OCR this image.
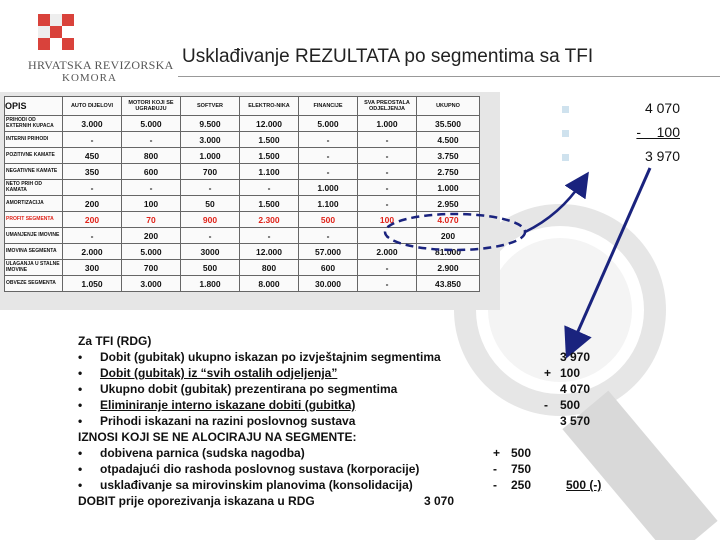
HRVATSKA REVIZORSKA
KOMORA
Usklađivanje REZULTATA po segmentima sa TFI
OPIS	AUTO DIJELOVI	MOTORI KOJI SE UGRAĐUJU	SOFTVER	ELEKTRO-NIKA	FINANCIJE	SVA PREOSTALA ODJELJENJA	UKUPNO
PRIHODI OD EXTERNIH KUPACA	3.000	5.000	9.500	12.000	5.000	1.000	35.500
INTERNI PRIHODI	-	-	3.000	1.500	-	-	4.500
POZITIVNE KAMATE	450	800	1.000	1.500	-	-	3.750
NEGATIVNE KAMATE	350	600	700	1.100	-	-	2.750
NETO PRIH OD KAMATA	-	-	-	-	1.000	-	1.000
AMORTIZACIJA	200	100	50	1.500	1.100	-	2.950
PROFIT SEGMENTA	200	70	900	2.300	500	100	4.070
UMANJENJE IMOVINE	-	200	-	-	-	-	200
IMOVINA SEGMENTA	2.000	5.000	3000	12.000	57.000	2.000	81.000
ULAGANJA U STALNE IMOVINE	300	700	500	800	600	-	2.900
OBVEZE SEGMENTA	1.050	3.000	1.800	8.000	30.000	-	43.850
4 070
-    100
3 970
Za TFI (RDG)
• Dobit (gubitak) ukupno iskazan po izvještajnim segmentima	3 970
• Dobit (gubitak) iz “svih ostalih odjeljenja”	+ 100
• Ukupno dobit (gubitak) prezentirana po segmentima	4 070
• Eliminiranje interno iskazane dobiti (gubitka)	- 500
• Prihodi iskazani na razini poslovnog sustava	3 570
IZNOSI KOJI SE NE ALOCIRAJU NA SEGMENTE:
• dobivena parnica (sudska nagodba)	+ 500
• otpadajući dio rashoda poslovnog sustava (korporacije)	- 750
• usklađivanje sa mirovinskim planovima (konsolidacija)	- 250	500 (-)
DOBIT prije oporezivanja iskazana u RDG	3 070
